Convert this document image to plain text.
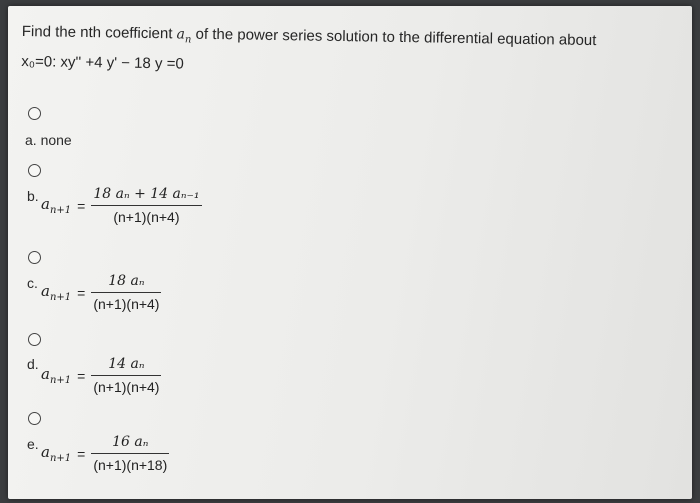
Find the nth coefficient $a_n$ of the power series solution to the differential equation about
x₀=0: xy'' +4 y' − 18 y =0
a. none
b. $a_{n+1} = \frac{\text{18 aₙ + 14 aₙ₋₁}}{(n+1)(n+4)}$
c. $a_{n+1} = \frac{\text{18 aₙ}}{(n+1)(n+4)}$
d.
$a_{n+1} = \frac{\text{14 aₙ}}{(n+1)(n+4)}$
e. $a_{n+1} = \frac{\text{16 aₙ}}{(n+1)(n+18)}$
